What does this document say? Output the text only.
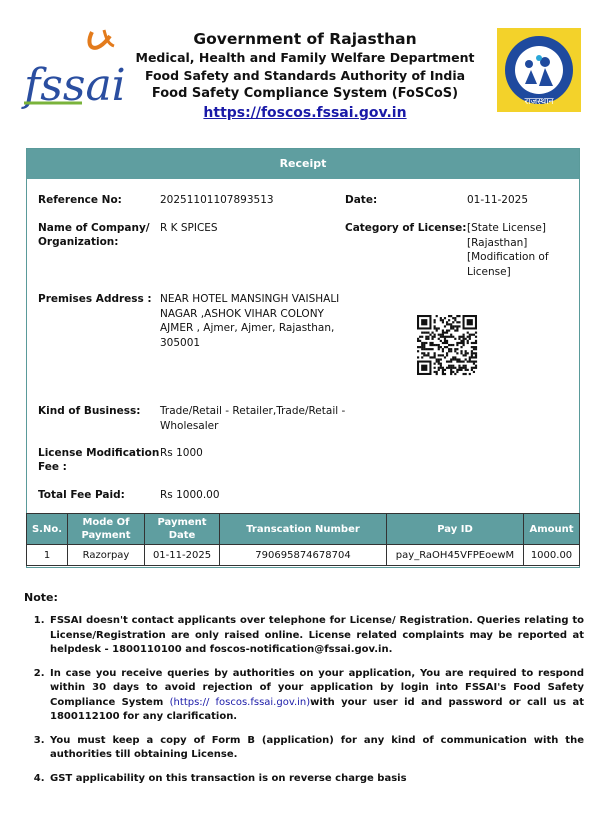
fssai
Government of Rajasthan
Medical, Health and Family Welfare Department
Food Safety and Standards Authority of India
Food Safety Compliance System (FoSCoS)
https://foscos.fssai.gov.in
राजस्थान
Receipt
Reference No:	20251101107893513	Date:	01-11-2025
Name of Company/
Organization:
R K SPICES	Category of License: [State License]
[Rajasthan]
[Modification of
License]
Premises Address : NEAR HOTEL MANSINGH VAISHALI
NAGAR ,ASHOK VIHAR COLONY
AJMER , Ajmer, Ajmer, Rajasthan,
305001
Kind of Business: Trade/Retail - Retailer,Trade/Retail -
Wholesaler
License Modification
Fee :
Rs 1000
Total Fee Paid:	Rs 1000.00
S.No.	Mode Of Payment	Payment Date	Transcation Number	Pay ID	Amount
1	Razorpay	01-11-2025	790695874678704	pay_RaOH45VFPEoewM	1000.00
Note:
1. FSSAI doesn't contact applicants over telephone for License/ Registration. Queries relating to License/Registration are only raised online. License related complaints may be reported at helpdesk - 1800110100 and foscos-notification@fssai.gov.in.
2. In case you receive queries by authorities on your application, You are required to respond within 30 days to avoid rejection of your application by login into FSSAI's Food Safety Compliance System (https:// foscos.fssai.gov.in)with your user id and password or call us at 1800112100 for any clarification.
3. You must keep a copy of Form B (application) for any kind of communication with the authorities till obtaining License.
4. GST applicability on this transaction is on reverse charge basis
